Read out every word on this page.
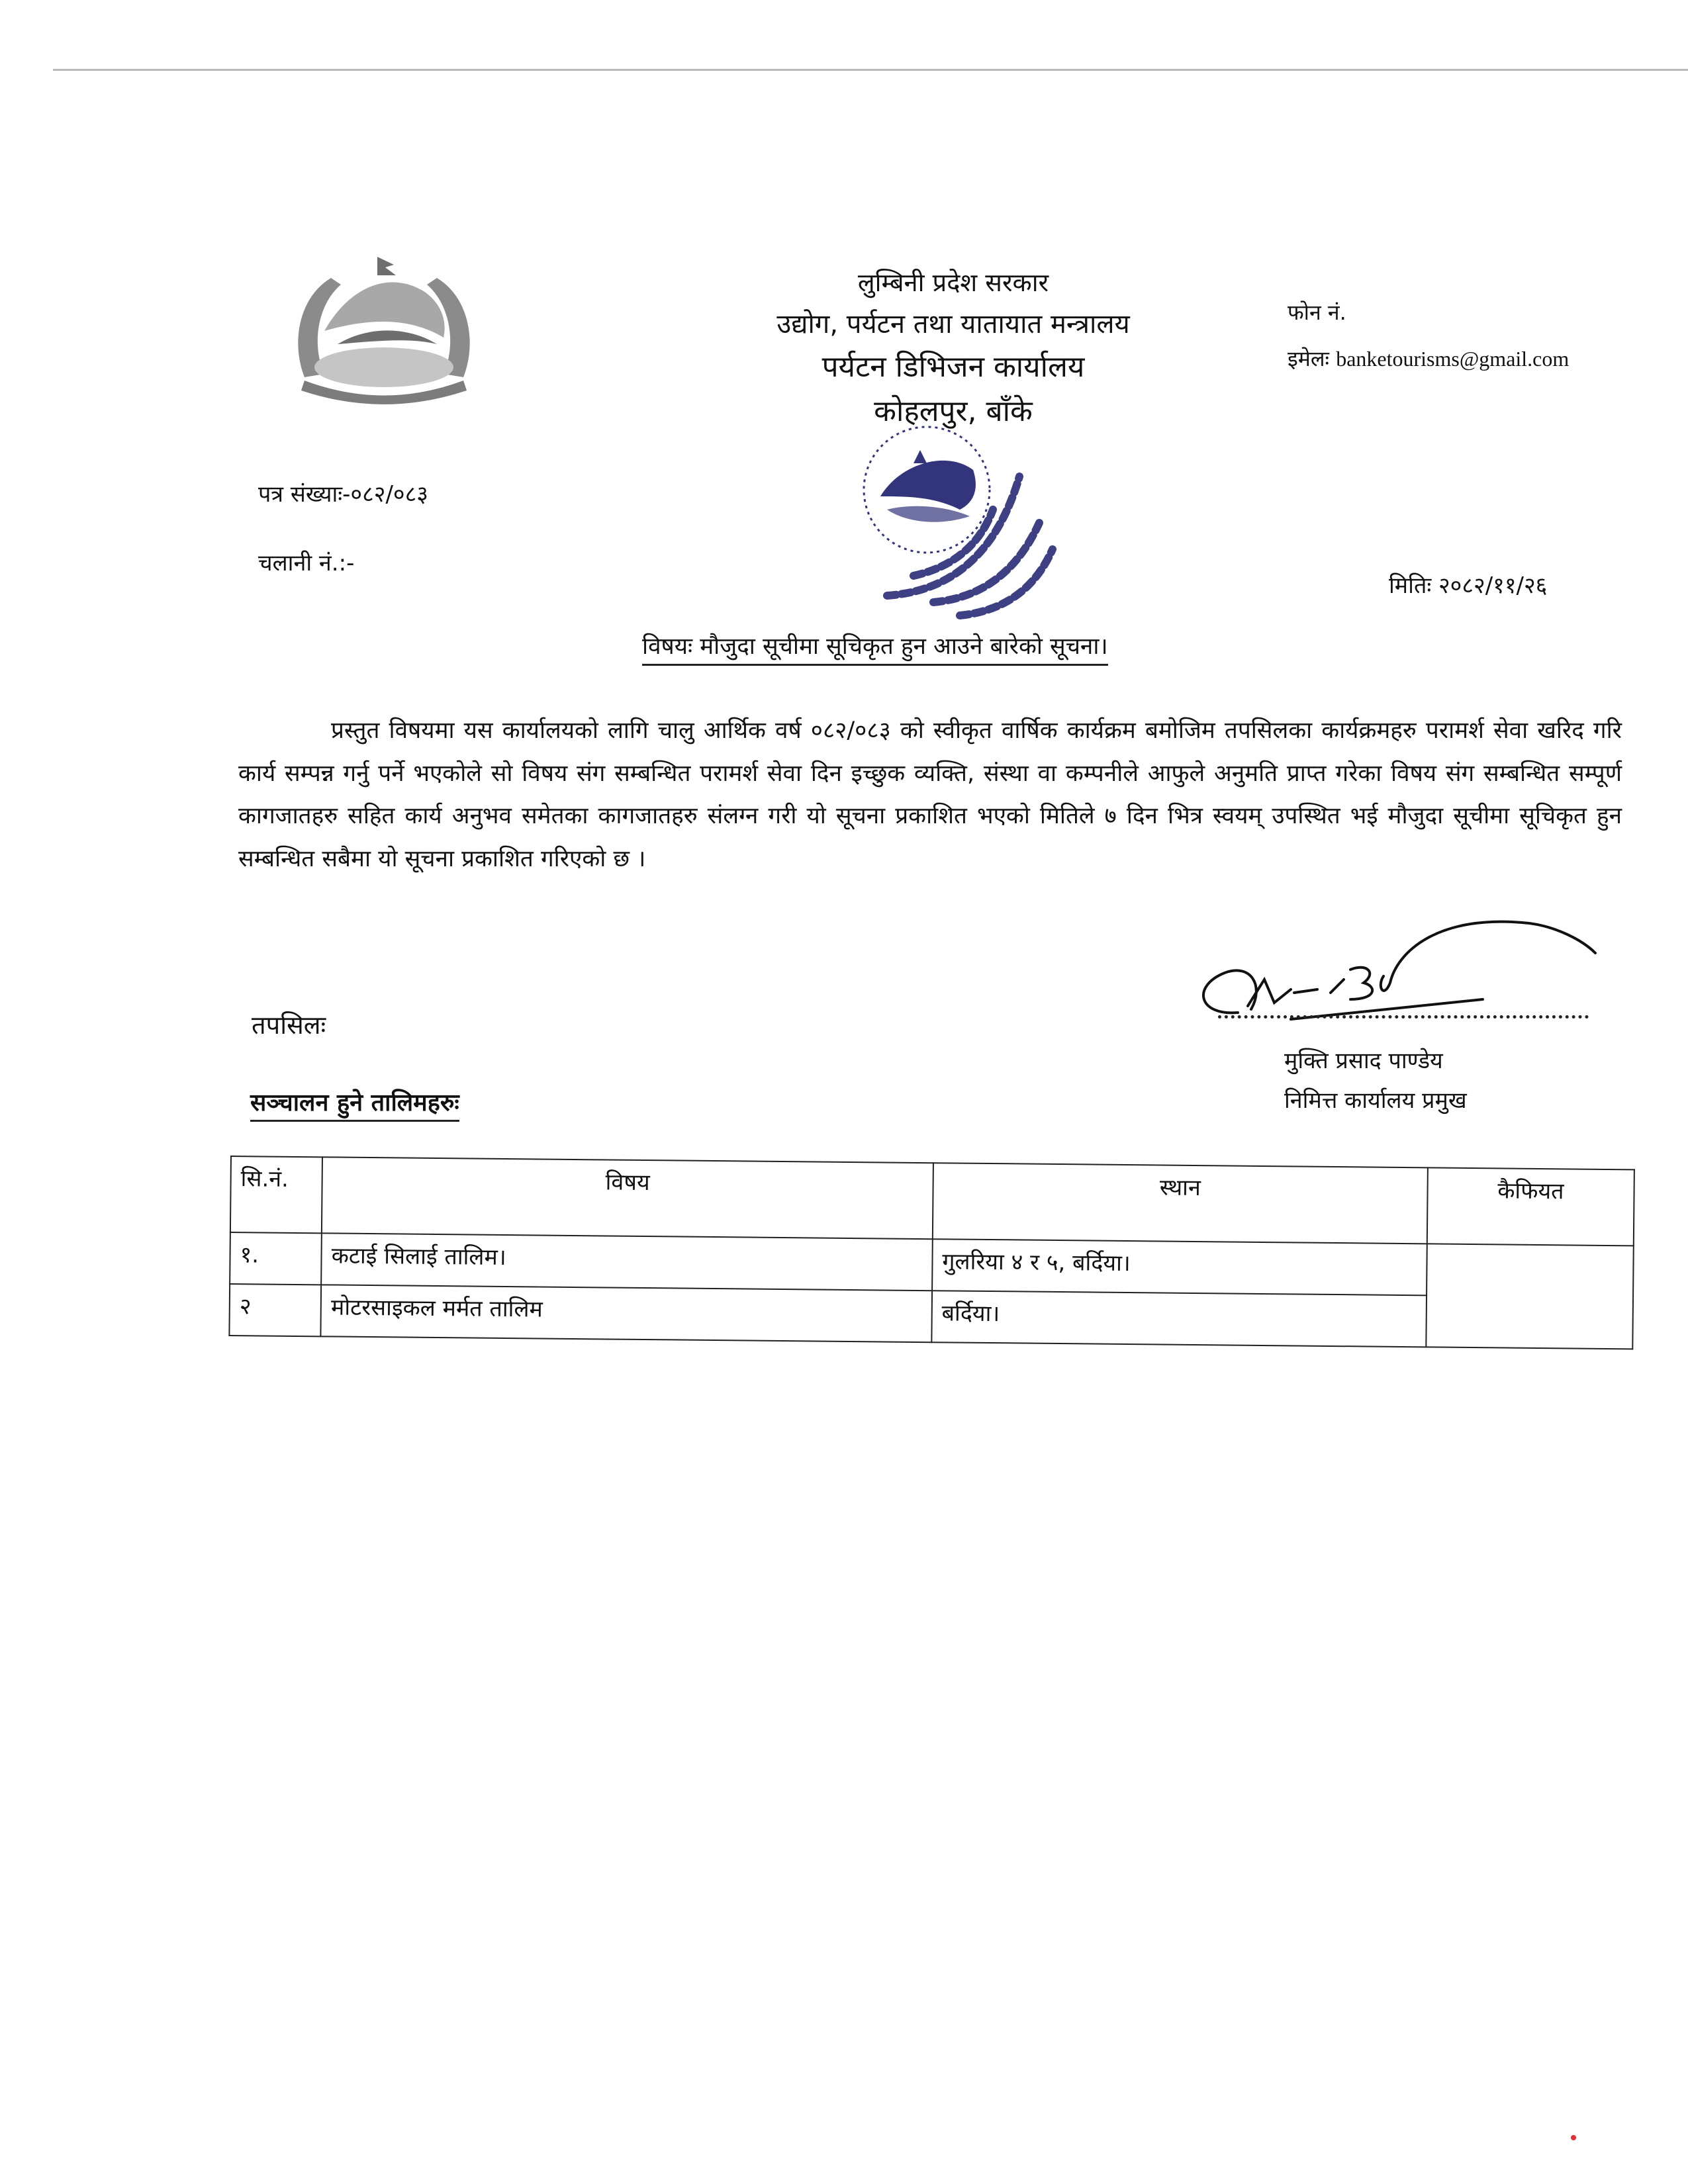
लुम्बिनी प्रदेश सरकार
उद्योग, पर्यटन तथा यातायात मन्त्रालय
पर्यटन डिभिजन कार्यालय
कोहलपुर, बाँके
फोन नं.
इमेलः banketourisms@gmail.com
पत्र संख्याः-०८२/०८३
चलानी नं.:-
मितिः २०८२/११/२६
विषयः मौजुदा सूचीमा सूचिकृत हुन आउने बारेको सूचना।
प्रस्तुत विषयमा यस कार्यालयको लागि चालु आर्थिक वर्ष ०८२/०८३ को स्वीकृत वार्षिक कार्यक्रम बमोजिम तपसिलका कार्यक्रमहरु परामर्श सेवा खरिद गरि कार्य सम्पन्न गर्नु पर्ने भएकोले सो विषय संग सम्बन्धित परामर्श सेवा दिन इच्छुक व्यक्ति, संस्था वा कम्पनीले आफुले अनुमति प्राप्त गरेका विषय संग सम्बन्धित सम्पूर्ण कागजातहरु सहित कार्य अनुभव समेतका कागजातहरु संलग्न गरी यो सूचना प्रकाशित भएको मितिले ७ दिन भित्र स्वयम् उपस्थित भई मौजुदा सूचीमा सूचिकृत हुन सम्बन्धित सबैमा यो सूचना प्रकाशित गरिएको छ ।
तपसिलः
सञ्चालन हुने तालिमहरुः
मुक्ति प्रसाद पाण्डेय
निमित्त कार्यालय प्रमुख
सि.नं.	विषय	स्थान	कैफियत
१.	कटाई सिलाई तालिम।	गुलरिया ४ र ५, बर्दिया।	
२	मोटरसाइकल मर्मत तालिम	बर्दिया।	
